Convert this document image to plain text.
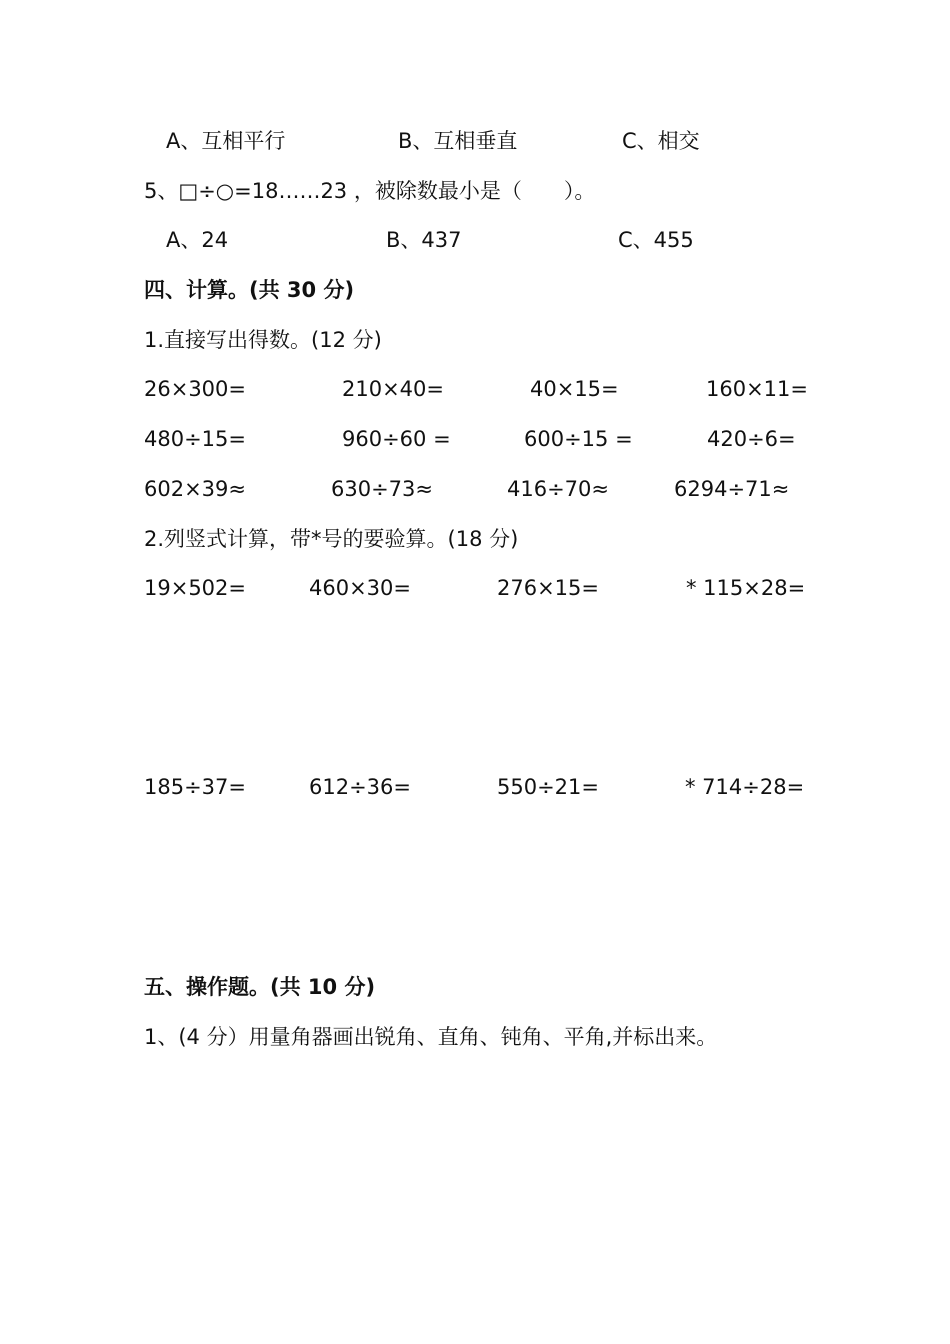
A、互相平行	B、互相垂直	C、相交
5、□÷○=18……23 ，被除数最小是（　　）。
A、24	B、437	C、455
四、计算。(共 30 分)
1.直接写出得数。(12 分)
26×300=	210×40=	40×15=	160×11=
480÷15=	960÷60 =	600÷15 =	420÷6=
602×39≈	630÷73≈	416÷70≈	6294÷71≈
2.列竖式计算，带*号的要验算。(18 分)
19×502=	460×30=	276×15=	* 115×28=
185÷37=	612÷36=	550÷21=	* 714÷28=
五、操作题。(共 10 分)
1、(4 分）用量角器画出锐角、直角、钝角、平角,并标出来。
